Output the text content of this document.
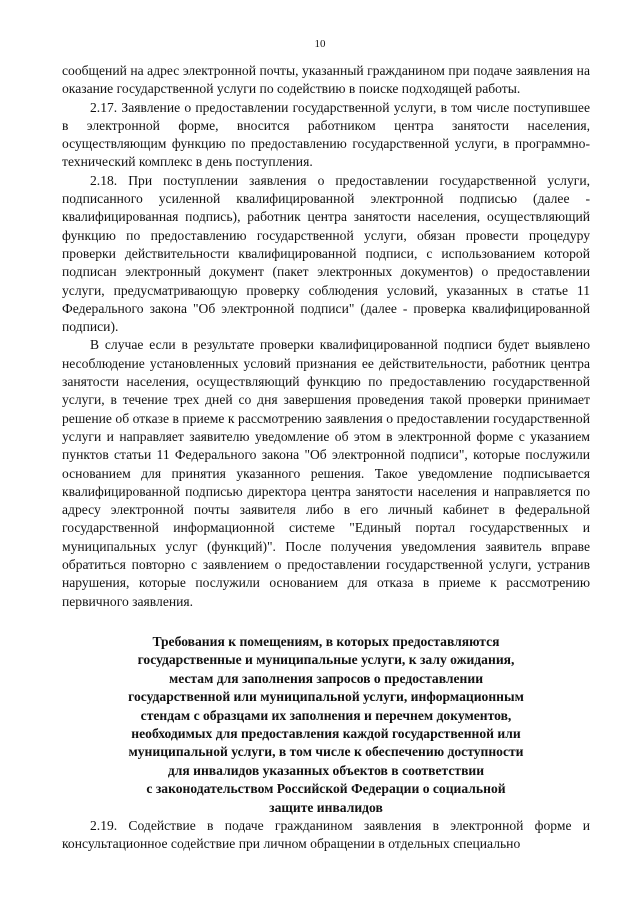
10

сообщений на адрес электронной почты, указанный гражданином при подаче заявления на оказание государственной услуги по содействию в поиске подходящей работы.

2.17. Заявление о предоставлении государственной услуги, в том числе поступившее в электронной форме, вносится работником центра занятости населения, осуществляющим функцию по предоставлению государственной услуги, в программно-технический комплекс в день поступления.

2.18. При поступлении заявления о предоставлении государственной услуги, подписанного усиленной квалифицированной электронной подписью (далее - квалифицированная подпись), работник центра занятости населения, осуществляющий функцию по предоставлению государственной услуги, обязан провести процедуру проверки действительности квалифицированной подписи, с использованием которой подписан электронный документ (пакет электронных документов) о предоставлении услуги, предусматривающую проверку соблюдения условий, указанных в статье 11 Федерального закона "Об электронной подписи" (далее - проверка квалифицированной подписи).

В случае если в результате проверки квалифицированной подписи будет выявлено несоблюдение установленных условий признания ее действительности, работник центра занятости населения, осуществляющий функцию по предоставлению государственной услуги, в течение трех дней со дня завершения проведения такой проверки принимает решение об отказе в приеме к рассмотрению заявления о предоставлении государственной услуги и направляет заявителю уведомление об этом в электронной форме с указанием пунктов статьи 11 Федерального закона "Об электронной подписи", которые послужили основанием для принятия указанного решения. Такое уведомление подписывается квалифицированной подписью директора центра занятости населения и направляется по адресу электронной почты заявителя либо в его личный кабинет в федеральной государственной информационной системе "Единый портал государственных и муниципальных услуг (функций)". После получения уведомления заявитель вправе обратиться повторно с заявлением о предоставлении государственной услуги, устранив нарушения, которые послужили основанием для отказа в приеме к рассмотрению первичного заявления.

Требования к помещениям, в которых предоставляются
государственные и муниципальные услуги, к залу ожидания,
местам для заполнения запросов о предоставлении
государственной или муниципальной услуги, информационным
стендам с образцами их заполнения и перечнем документов,
необходимых для предоставления каждой государственной или
муниципальной услуги, в том числе к обеспечению доступности
для инвалидов указанных объектов в соответствии
с законодательством Российской Федерации о социальной
защите инвалидов

2.19. Содействие в подаче гражданином заявления в электронной форме и консультационное содействие при личном обращении в отдельных специально
